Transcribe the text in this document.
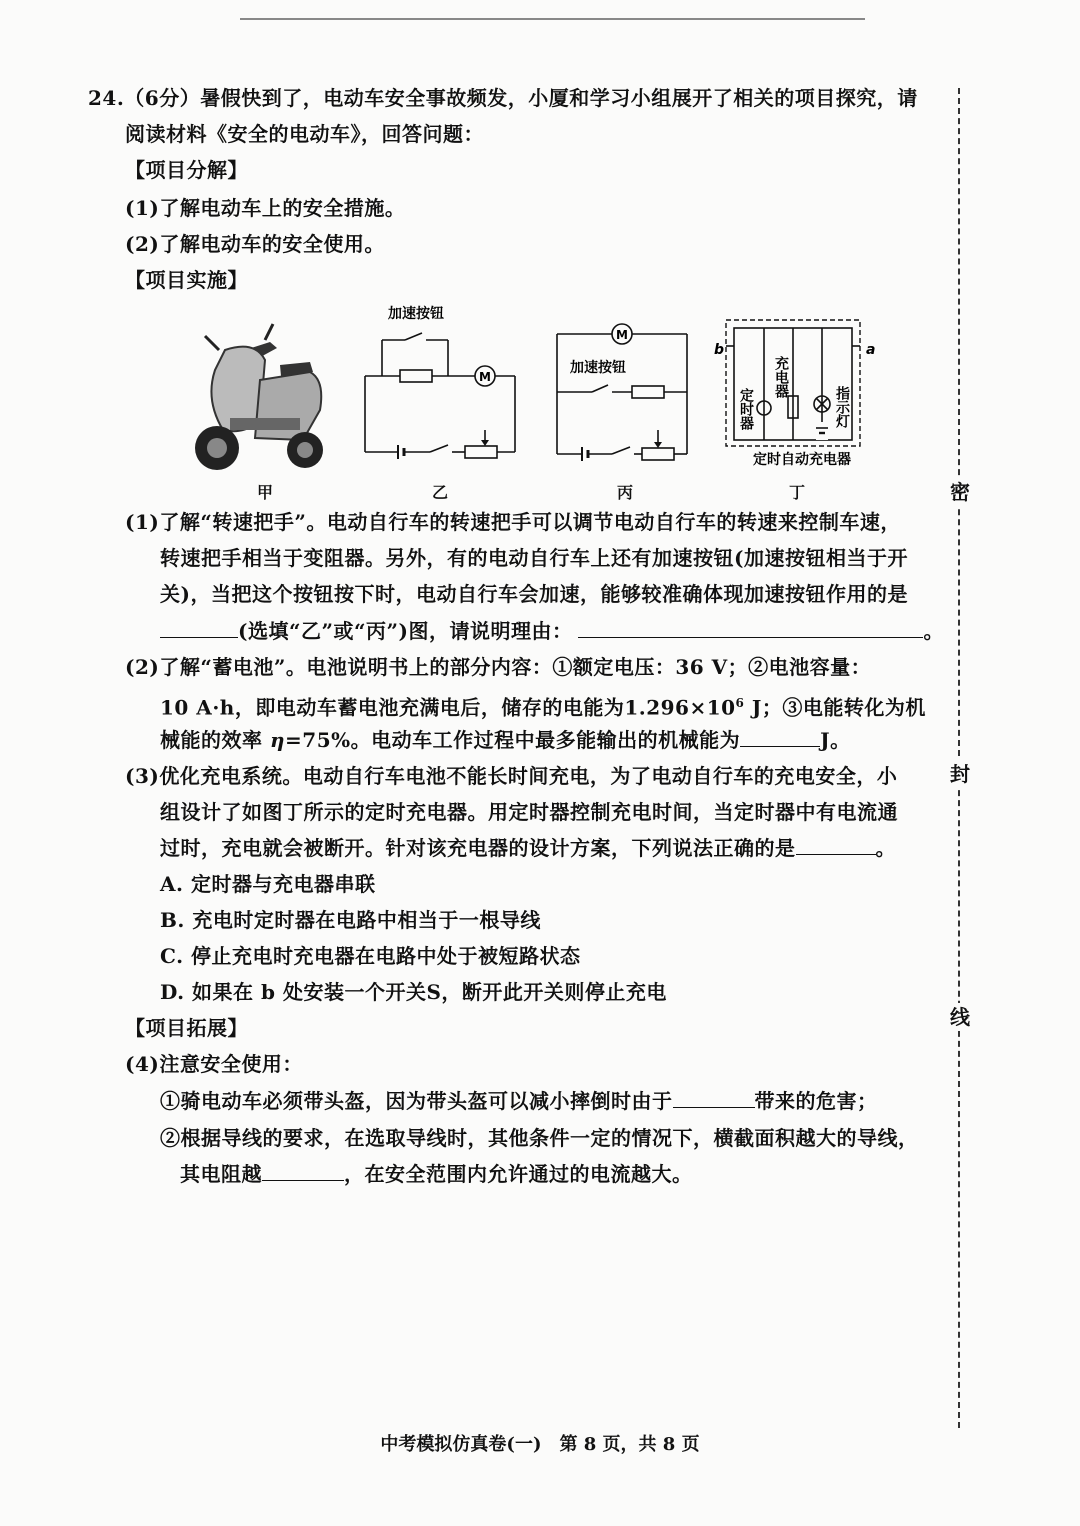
密
封
线
24.（6分）暑假快到了，电动车安全事故频发，小厦和学习小组展开了相关的项目探究，请
阅读材料《安全的电动车》，回答问题：
【项目分解】
(1)了解电动车上的安全措施。
(2)了解电动车的安全使用。
【项目实施】
甲
加速按钮
M
乙
M
加速按钮
丙
b	a
充电器
定时器	指示灯
定时自动充电器
丁
(1)了解“转速把手”。电动自行车的转速把手可以调节电动自行车的转速来控制车速，
转速把手相当于变阻器。另外，有的电动自行车上还有加速按钮(加速按钮相当于开
关)，当把这个按钮按下时，电动自行车会加速，能够较准确体现加速按钮作用的是
(选填“乙”或“丙”)图，请说明理由：	。
(2)了解“蓄电池”。电池说明书上的部分内容：①额定电压：36 V；②电池容量：
10 A·h，即电动车蓄电池充满电后，储存的电能为$1.296\times 10^6$ J；③电能转化为机
械能的效率 η=75%。电动车工作过程中最多能输出的机械能为	J。
(3)优化充电系统。电动自行车电池不能长时间充电，为了电动自行车的充电安全，小
组设计了如图丁所示的定时充电器。用定时器控制充电时间，当定时器中有电流通
过时，充电就会被断开。针对该充电器的设计方案，下列说法正确的是	。
A. 定时器与充电器串联
B. 充电时定时器在电路中相当于一根导线
C. 停止充电时充电器在电路中处于被短路状态
D. 如果在 b 处安装一个开关S，断开此开关则停止充电
【项目拓展】
(4)注意安全使用：
①骑电动车必须带头盔，因为带头盔可以减小摔倒时由于	带来的危害；
②根据导线的要求，在选取导线时，其他条件一定的情况下，横截面积越大的导线，
其电阻越	，在安全范围内允许通过的电流越大。
中考模拟仿真卷(一)　第 8 页，共 8 页
